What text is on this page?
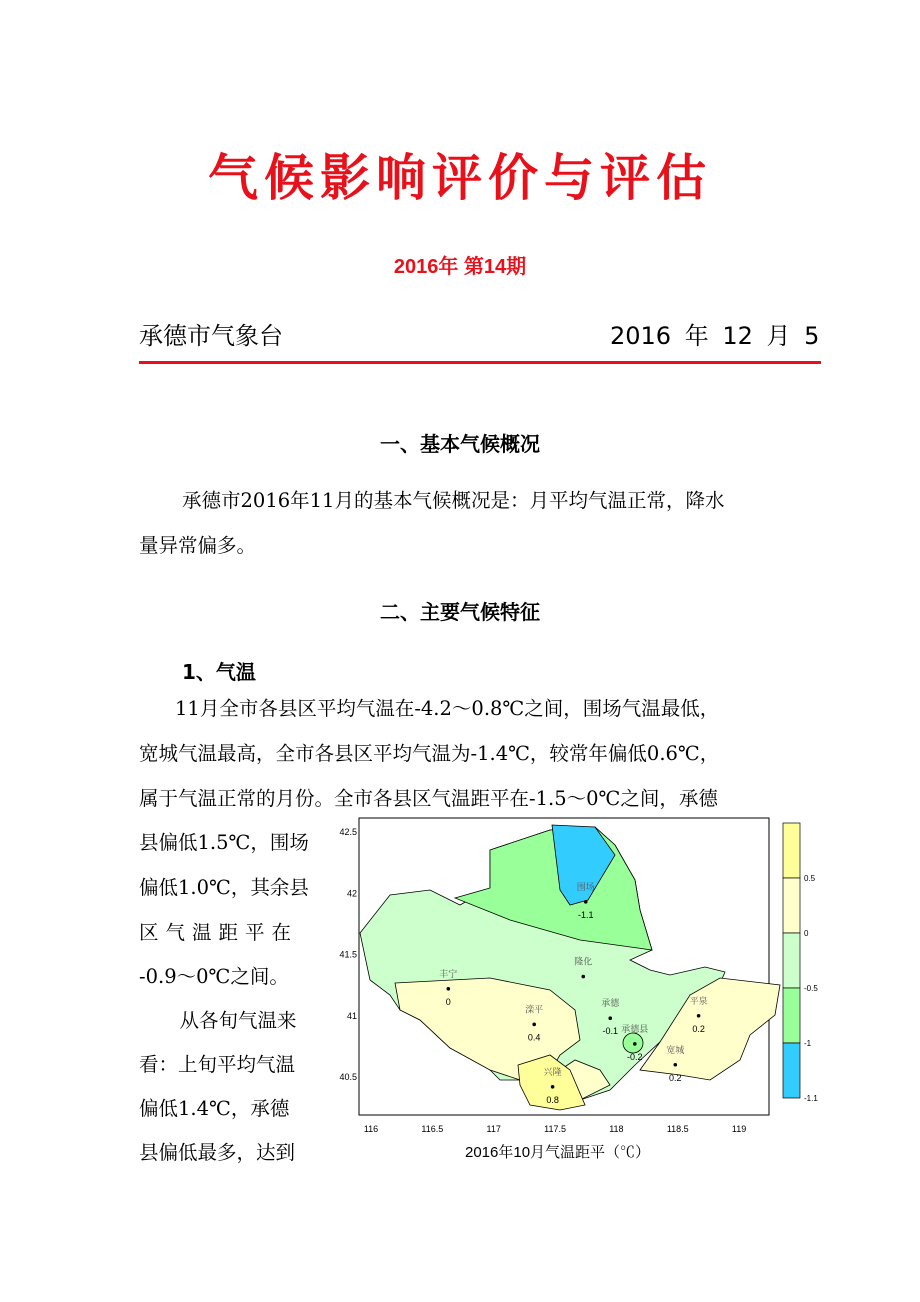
气候影响评价与评估
2016年 第14期
承德市气象台	2016 年 12 月 5
一、基本气候概况
承德市2016年11月的基本气候概况是：月平均气温正常，降水
量异常偏多。
二、主要气候特征
1、气温
11月全市各县区平均气温在-4.2～0.8℃之间，围场气温最低，
宽城气温最高，全市各县区平均气温为-1.4℃，较常年偏低0.6℃，
属于气温正常的月份。全市各县区气温距平在-1.5～0℃之间，承德
县偏低1.5℃，围场
偏低1.0℃，其余县
区气温距平在
-0.9～0℃之间。
　从各旬气温来
看：上旬平均气温
偏低1.4℃，承德
县偏低最多，达到
116	116.5	117	117.5	118	118.5	119
42.5
42
41.5
41
40.5
围场
-1.1
隆化
丰宁
0
滦平
0.4
承德
-0.1 承德县
-0.2
平泉
0.2
宽城
0.2
兴隆
0.8
0.5
0
-0.5
-1
-1.1
2016年10月气温距平（℃）
